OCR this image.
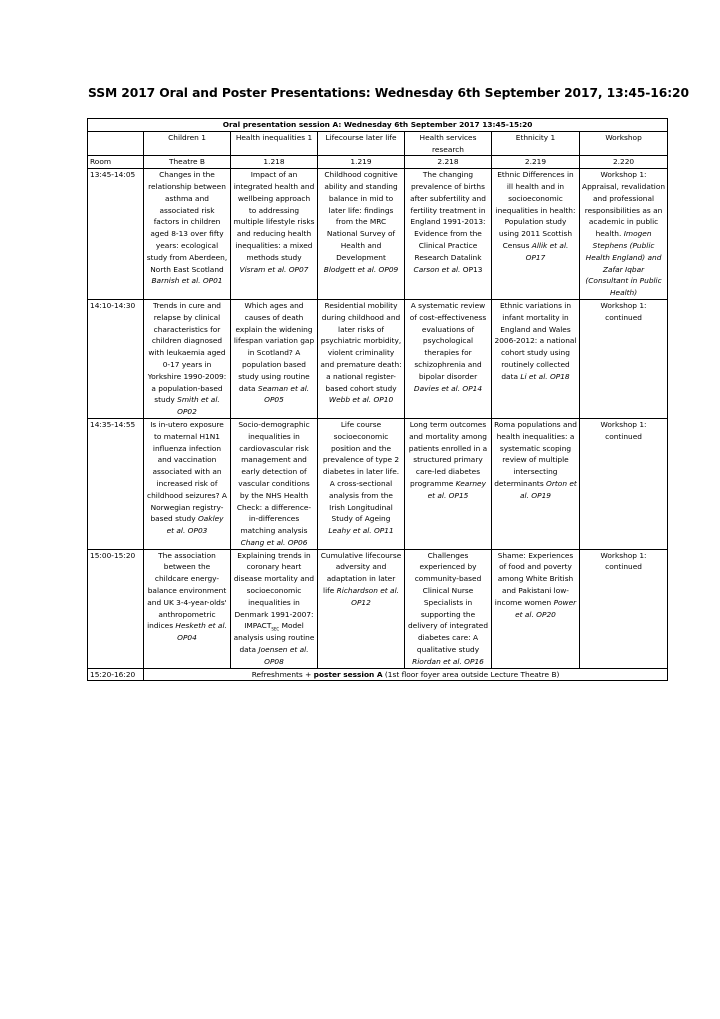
SSM 2017 Oral and Poster Presentations: Wednesday 6th September 2017, 13:45-16:20
Oral presentation session A: Wednesday 6th September 2017 13:45-15:20						
	Children 1	Health inequalities 1	Lifecourse later life	Health services research	Ethnicity 1	Workshop
Room	Theatre B	1.218	1.219	2.218	2.219	2.220
13:45-14:05	Changes in the relationship between asthma and associated risk factors in children aged 8-13 over fifty years: ecological study from Aberdeen, North East Scotland Barnish et al. OP01	Impact of an integrated health and wellbeing approach to addressing multiple lifestyle risks and reducing health inequalities: a mixed methods study Visram et al. OP07	Childhood cognitive ability and standing balance in mid to later life: findings from the MRC National Survey of Health and Development Blodgett et al. OP09	The changing prevalence of births after subfertility and fertility treatment in England 1991-2013: Evidence from the Clinical Practice Research Datalink Carson et al. OP13	Ethnic Differences in ill health and in socioeconomic inequalities in health: Population study using 2011 Scottish Census Allik et al. OP17	Workshop 1: Appraisal, revalidation and professional responsibilities as an academic in public health. Imogen Stephens (Public Health England) and Zafar Iqbar (Consultant in Public Health)
14:10-14:30	Trends in cure and relapse by clinical characteristics for children diagnosed with leukaemia aged 0-17 years in Yorkshire 1990-2009: a population-based study Smith et al. OP02	Which ages and causes of death explain the widening lifespan variation gap in Scotland? A population based study using routine data Seaman et al. OP05	Residential mobility during childhood and later risks of psychiatric morbidity, violent criminality and premature death: a national register-based cohort study Webb et al. OP10	A systematic review of cost-effectiveness evaluations of psychological therapies for schizophrenia and bipolar disorder Davies et al. OP14	Ethnic variations in infant mortality in England and Wales 2006-2012: a national cohort study using routinely collected data Li et al. OP18	Workshop 1: continued
14:35-14:55	Is in-utero exposure to maternal H1N1 influenza infection and vaccination associated with an increased risk of childhood seizures? A Norwegian registry-based study Oakley et al. OP03	Socio-demographic inequalities in cardiovascular risk management and early detection of vascular conditions by the NHS Health Check: a difference-in-differences matching analysis Chang et al. OP06	Life course socioeconomic position and the prevalence of type 2 diabetes in later life. A cross-sectional analysis from the Irish Longitudinal Study of Ageing Leahy et al. OP11	Long term outcomes and mortality among patients enrolled in a structured primary care-led diabetes programme Kearney et al. OP15	Roma populations and health inequalities: a systematic scoping review of multiple intersecting determinants Orton et al. OP19	Workshop 1: continued
15:00-15:20	The association between the childcare energy-balance environment and UK 3-4-year-olds' anthropometric indices Hesketh et al. OP04	Explaining trends in coronary heart disease mortality and socioeconomic inequalities in Denmark 1991-2007: $IMPACT_{SEC}$ Model analysis using routine data Joensen et al. OP08	Cumulative lifecourse adversity and adaptation in later life Richardson et al. OP12	Challenges experienced by community-based Clinical Nurse Specialists in supporting the delivery of integrated diabetes care: A qualitative study Riordan et al. OP16	Shame: Experiences of food and poverty among White British and Pakistani low-income women Power et al. OP20	Workshop 1: continued
15:20-16:20	Refreshments + poster session A (1st floor foyer area outside Lecture Theatre B)					
